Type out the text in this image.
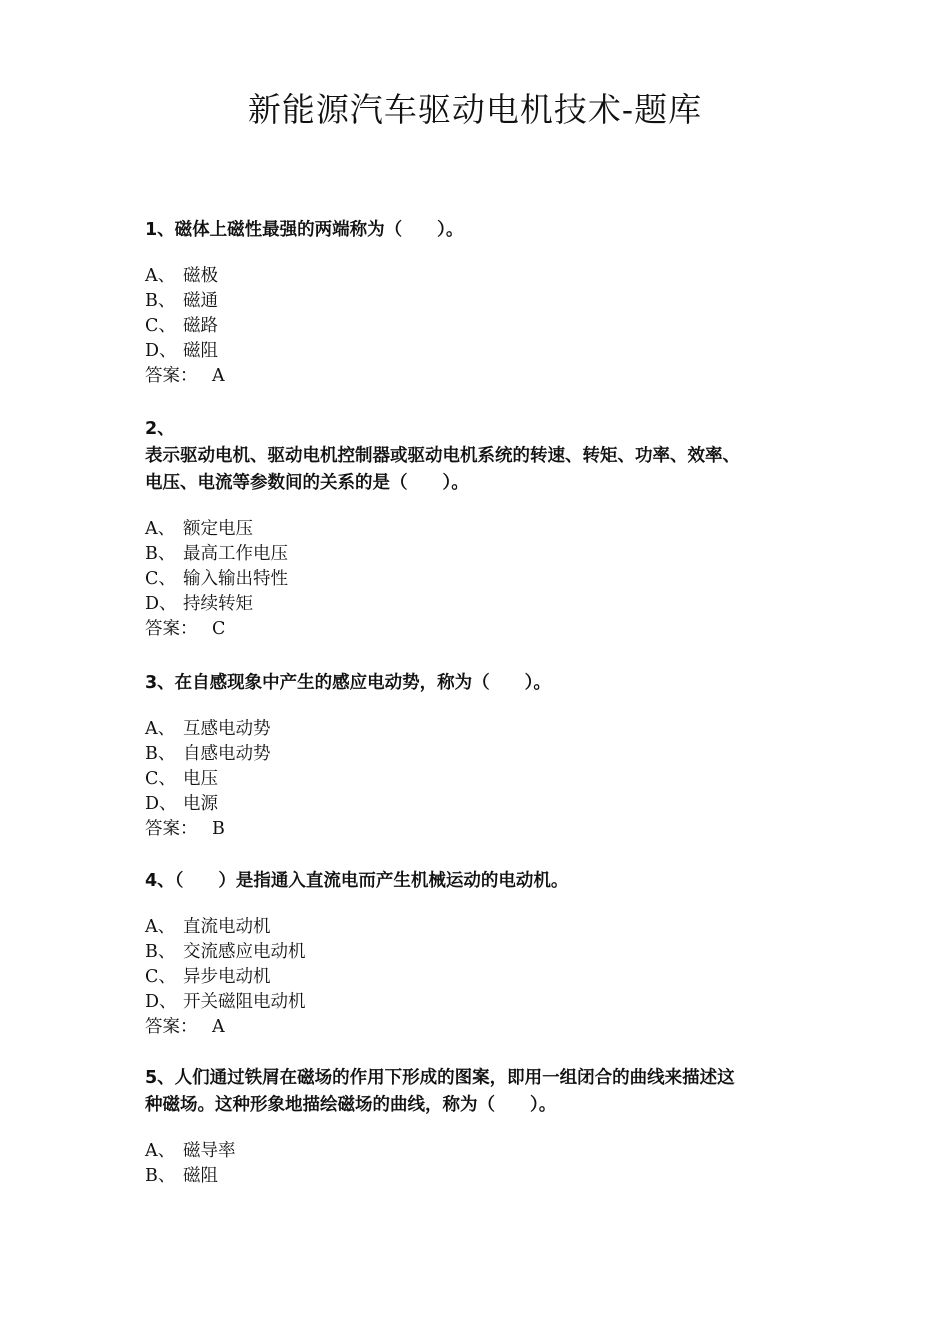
新能源汽车驱动电机技术-题库
1、磁体上磁性最强的两端称为（　　）。
A、 磁极
B、 磁通
C、 磁路
D、 磁阻
答案： A
2、
表示驱动电机、驱动电机控制器或驱动电机系统的转速、转矩、功率、效率、
电压、电流等参数间的关系的是（　　）。
A、 额定电压
B、 最高工作电压
C、 输入输出特性
D、 持续转矩
答案： C
3、在自感现象中产生的感应电动势，称为（　　）。
A、 互感电动势
B、 自感电动势
C、 电压
D、 电源
答案： B
4、（　　）是指通入直流电而产生机械运动的电动机。
A、 直流电动机
B、 交流感应电动机
C、 异步电动机
D、 开关磁阻电动机
答案： A
5、人们通过铁屑在磁场的作用下形成的图案，即用一组闭合的曲线来描述这
种磁场。这种形象地描绘磁场的曲线，称为（　　）。
A、 磁导率
B、 磁阻
